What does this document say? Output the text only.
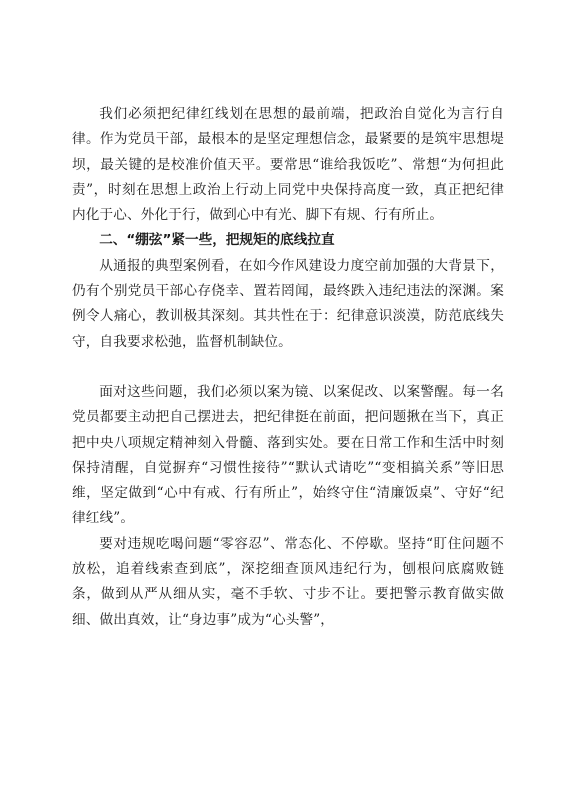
我们必须把纪律红线划在思想的最前端，把政治自觉化为言行自律。作为党员干部，最根本的是坚定理想信念，最紧要的是筑牢思想堤坝，最关键的是校准价值天平。要常思“谁给我饭吃”、常想“为何担此责”，时刻在思想上政治上行动上同党中央保持高度一致，真正把纪律内化于心、外化于行，做到心中有光、脚下有规、行有所止。

二、“绷弦”紧一些，把规矩的底线拉直

从通报的典型案例看，在如今作风建设力度空前加强的大背景下，仍有个别党员干部心存侥幸、置若罔闻，最终跌入违纪违法的深渊。案例令人痛心，教训极其深刻。其共性在于：纪律意识淡漠，防范底线失守，自我要求松弛，监督机制缺位。

面对这些问题，我们必须以案为镜、以案促改、以案警醒。每一名党员都要主动把自己摆进去，把纪律挺在前面，把问题揪在当下，真正把中央八项规定精神刻入骨髓、落到实处。要在日常工作和生活中时刻保持清醒，自觉摒弃“习惯性接待”“默认式请吃”“变相搞关系”等旧思维，坚定做到“心中有戒、行有所止”，始终守住“清廉饭桌”、守好“纪律红线”。

要对违规吃喝问题“零容忍”、常态化、不停歇。坚持“盯住问题不放松，追着线索查到底”，深挖细查顶风违纪行为，刨根问底腐败链条，做到从严从细从实，毫不手软、寸步不让。要把警示教育做实做细、做出真效，让“身边事”成为“心头警”，
